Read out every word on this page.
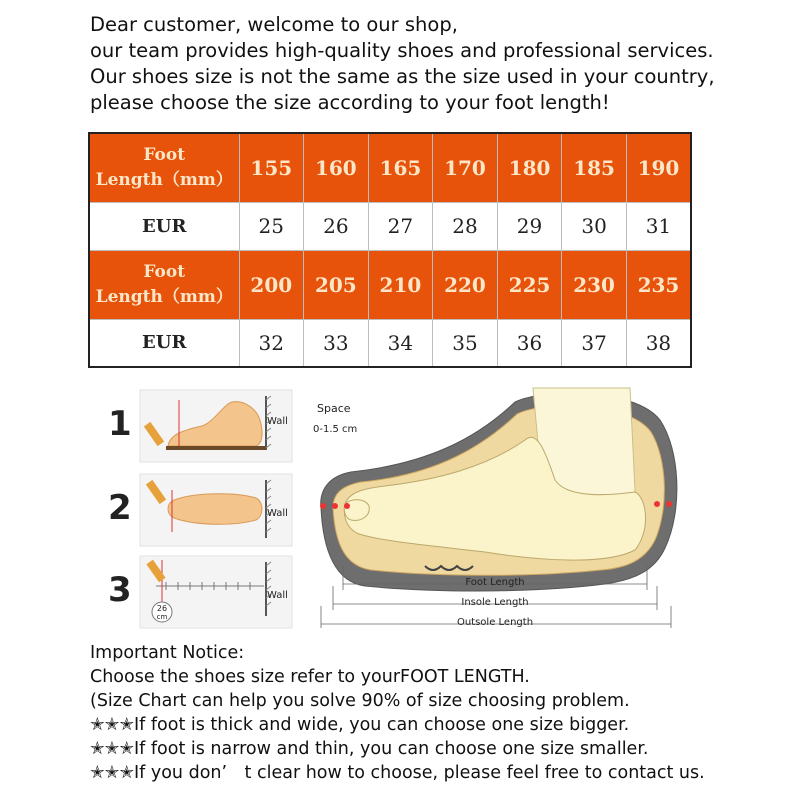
Dear customer, welcome to our shop,
our team provides high-quality shoes and professional services.
Our shoes size is not the same as the size used in your country,
please choose the size according to your foot length!
Foot
Length（mm）	155	160	165	170	180	185	190
EUR	25	26	27	28	29	30	31

Foot
Length（mm）	200	205	210	220	225	230	235
EUR	32	33	34	35	36	37	38
1	Wall
2	Wall
3	Wall
26
cm
Space
0-1.5 cm
Foot Length
Insole Length
Outsole Length
Important Notice:
Choose the shoes size refer to yourFOOT LENGTH.
(Size Chart can help you solve 90% of size choosing problem.
✭✭✭If foot is thick and wide, you can choose one size bigger.
✭✭✭If foot is narrow and thin, you can choose one size smaller.
✭✭✭If you don’　t clear how to choose, please feel free to contact us.
